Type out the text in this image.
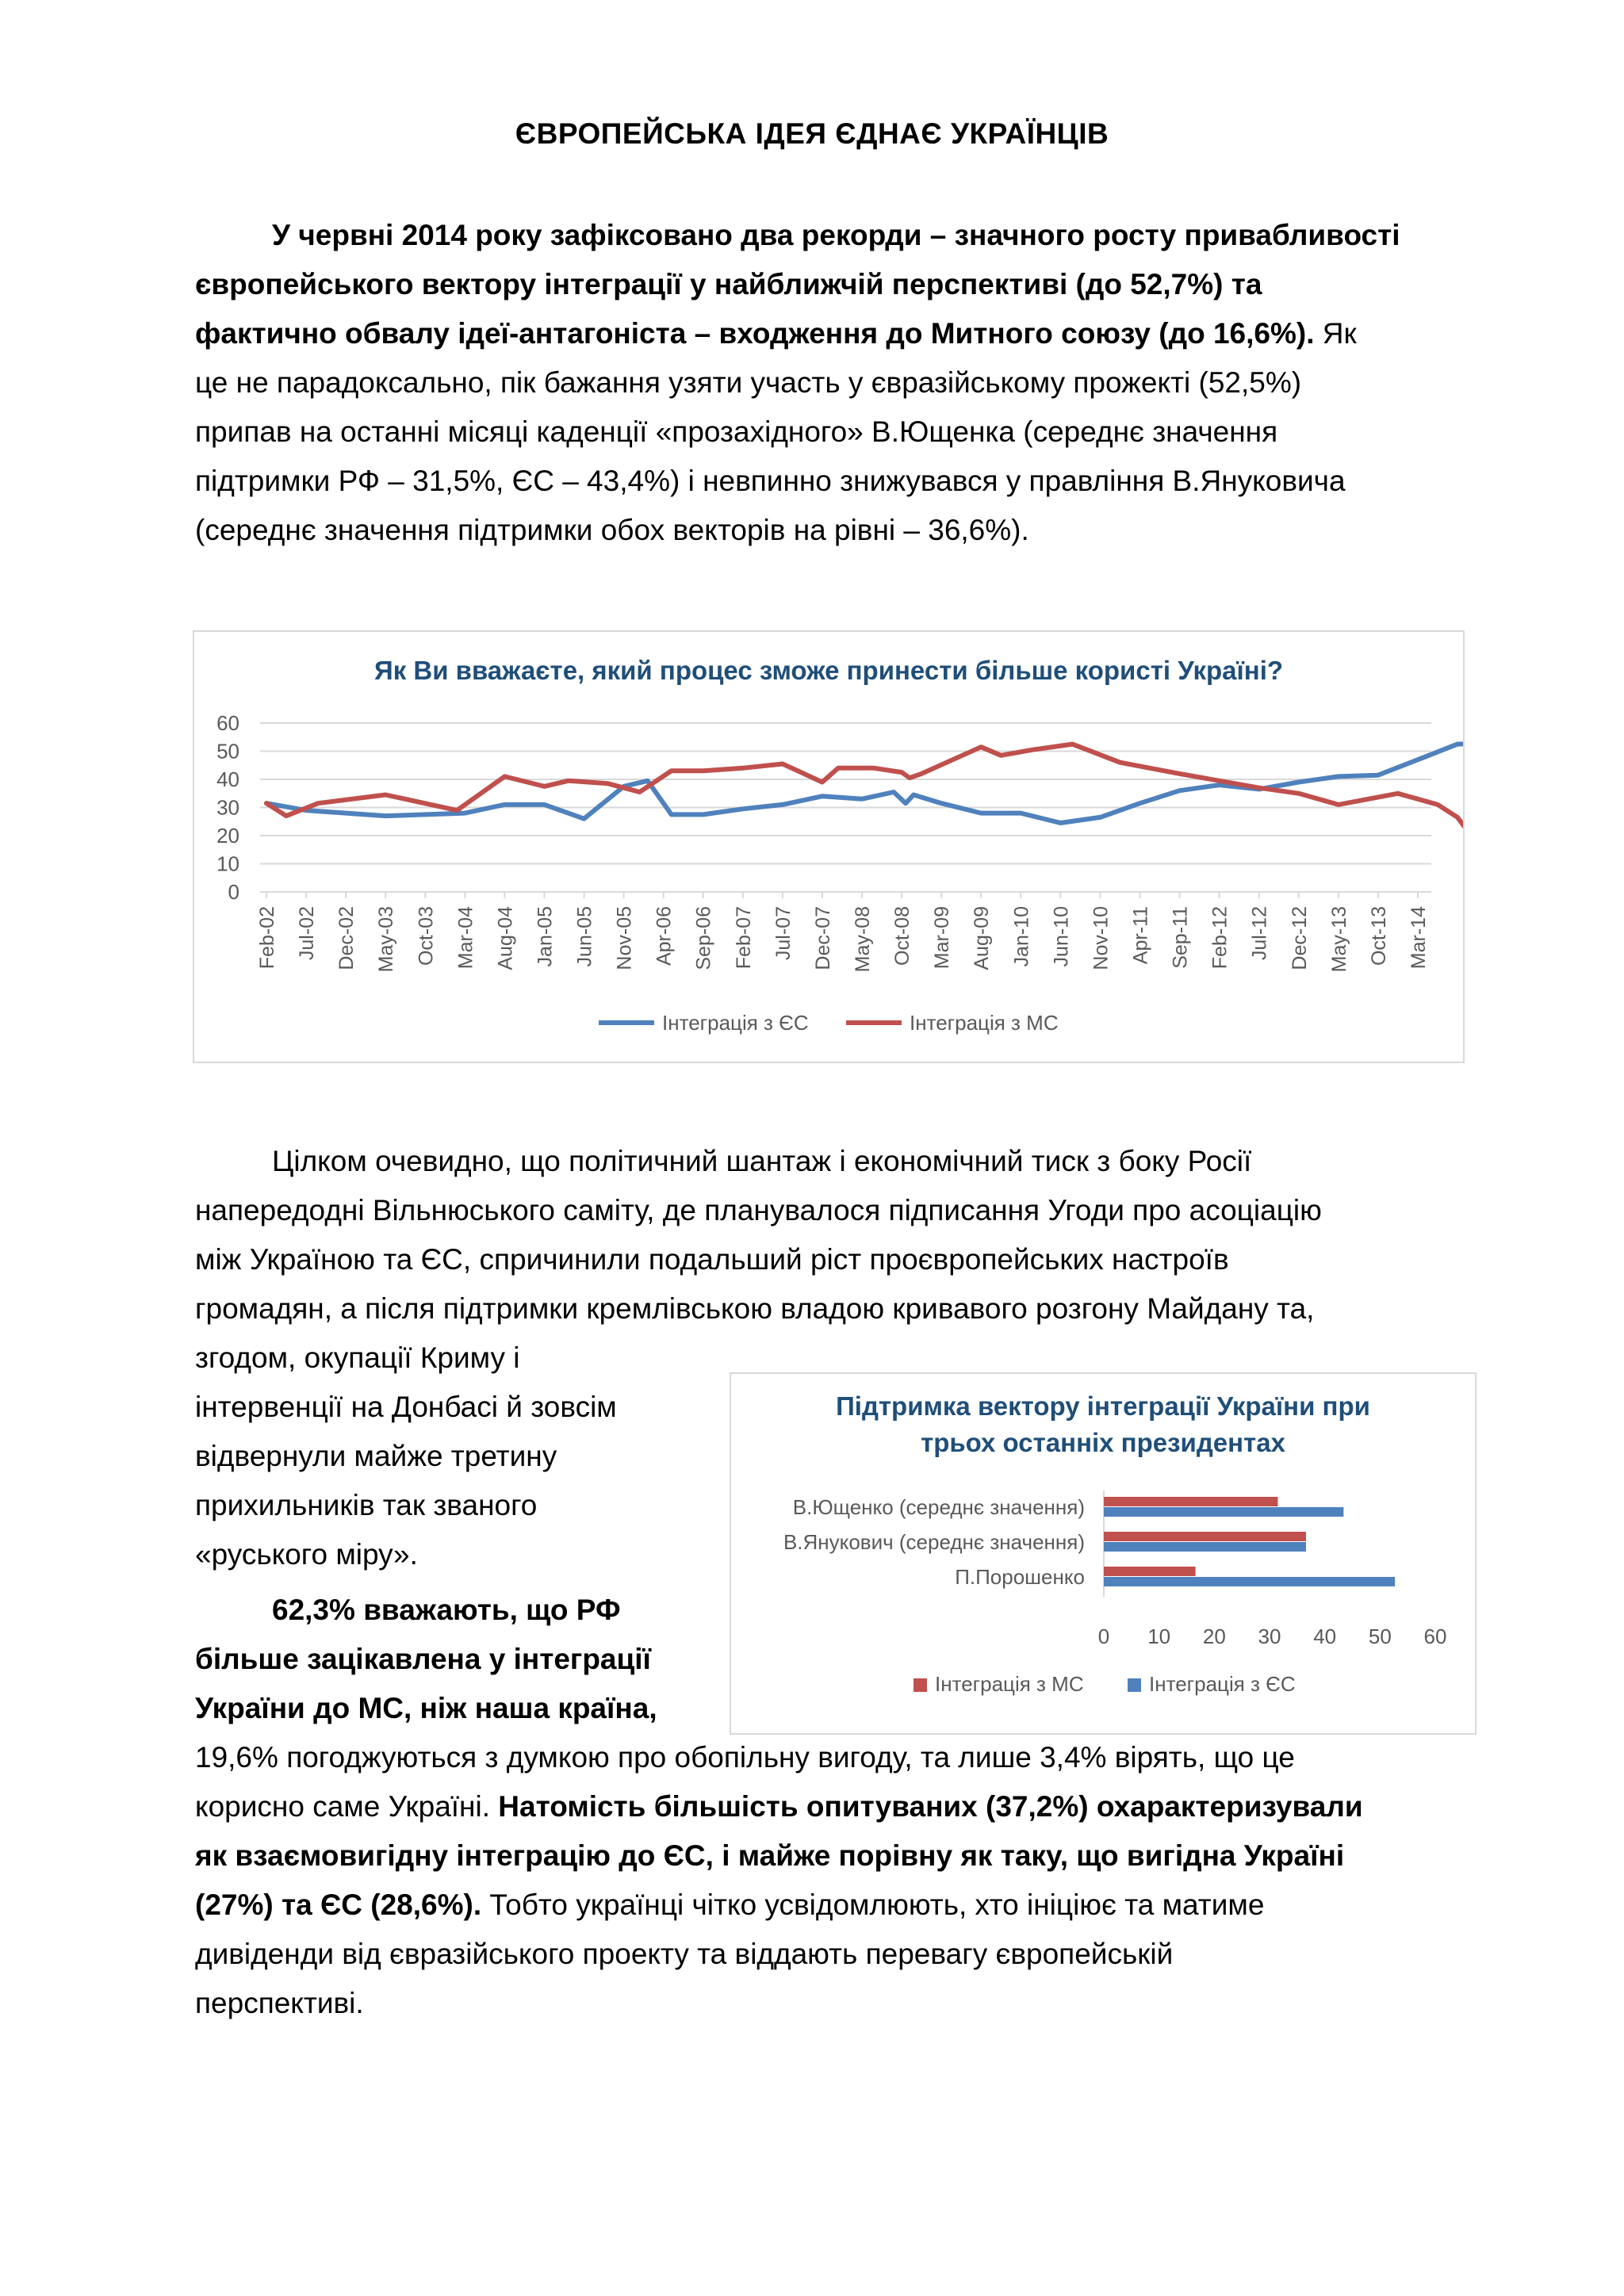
ЄВРОПЕЙСЬКА ІДЕЯ ЄДНАЄ УКРАЇНЦІВ
У червні 2014 року зафіксовано два рекорди – значного росту привабливості
європейського вектору інтеграції у найближчій перспективі (до 52,7%) та
фактично обвалу ідеї-антагоніста – входження до Митного союзу (до 16,6%). Як
це не парадоксально, пік бажання узяти участь у євразійському прожекті (52,5%)
припав на останні місяці каденції «прозахідного» В.Ющенка (середнє значення
підтримки РФ – 31,5%, ЄС – 43,4%) і невпинно знижувався у правління В.Януковича
(середнє значення підтримки обох векторів на рівні – 36,6%).
Як Ви вважаєте, який процес зможе принести більше користі Україні?
0
10
20
30
40
50
60
Feb-02 Jul-02 Dec-02 May-03 Oct-03 Mar-04 Aug-04 Jan-05 Jun-05 Nov-05 Apr-06 Sep-06 Feb-07 Jul-07 Dec-07 May-08 Oct-08 Mar-09 Aug-09 Jan-10 Jun-10 Nov-10 Apr-11 Sep-11 Feb-12 Jul-12 Dec-12 May-13 Oct-13 Mar-14
Інтеграція з ЄС	Інтеграція з МС
Цілком очевидно, що політичний шантаж і економічний тиск з боку Росії
напередодні Вільнюського саміту, де планувалося підписання Угоди про асоціацію
між Україною та ЄС, спричинили подальший ріст проєвропейських настроїв
громадян, а після підтримки кремлівською владою кривавого розгону Майдану та,
згодом, окупації Криму і
інтервенції на Донбасі й зовсім
відвернули майже третину
прихильників так званого
«руського міру».
62,3% вважають, що РФ
більше зацікавлена у інтеграції
України до МС, ніж наша країна,
19,6% погоджуються з думкою про обопільну вигоду, та лише 3,4% вірять, що це
корисно саме Україні. Натомість більшість опитуваних (37,2%) охарактеризували
як взаємовигідну інтеграцію до ЄС, і майже порівну як таку, що вигідна Україні
(27%) та ЄС (28,6%). Тобто українці чітко усвідомлюють, хто ініціює та матиме
дивіденди від євразійського проекту та віддають перевагу європейській
перспективі.
Підтримка вектору інтеграції України при
трьох останніх президентах
0 10 20 30 40 50 60
В.Ющенко (середнє значення)
В.Янукович (середнє значення)
П.Порошенко
Інтеграція з МС	Інтеграція з ЄС
